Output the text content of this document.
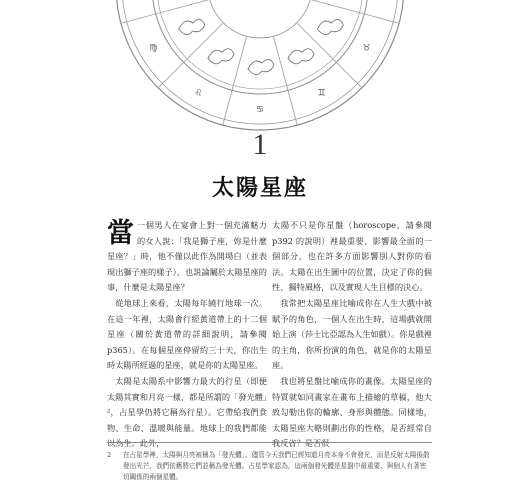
♉
♊
♋
♌
♍
1
太陽星座

當一個男人在宴會上對一個充滿魅力的女人說：「我是獅子座，妳是什麼星座？」時，他不僅以此作為開場白（並表現出獅子座的樣子），也説論屬於太陽星座的事，什麼是太陽星座？

從地球上來看，太陽每年繞行地球一次。在這一年裡，太陽會行經黃道帶上的十二個星座（關於黃道帶的詳細說明，請參閱 p365）。在每個星座停留約三十天，你出生時太陽所經過的星座，就是你的太陽星座。

太陽是太陽系中影響力最大的行星（即便太陽其實和月亮一樣，都是所謂的「發光體」²，占星學仍將它稱為行星）。它帶給我們食物、生命、溫暖與能量。地球上的我們都能以為生。此外，

太陽不只是你星盤（horoscope，請參閱 p392 的說明）裡最重要、影響最全面的一個部分，也在許多方面影響別人對你的看法。太陽在出生圖中的位置，決定了你的個性、獨特風格，以及實現人生目標的決心。

我常把太陽星座比喻成你在人生大戲中被賦予的角色，一個人在出生時，這場戲就開始上演（莎士比亞認為人生如戲）。你是戲裡的主角，你所扮演的角色，就是你的太陽星座。

我也將星盤比喻成你的畫像。太陽星座的特質就如同畫家在畫布上描繪的草稿，他大致勾勒出你的輪廓、身形與體態。同樣地，太陽星座大略則劃出你的性格，是否經常自我反省？是否很

2 在占星學裡，太陽與月亮被稱為「發光體」。儘管今天我們已經知道月亮本身不會發光，而是反射太陽後散發出光芒，我們依舊將它們並稱為發光體。占星學家認為，這兩個發光體是星盤中最重要、與個人有著密切關係的兩個星體。
